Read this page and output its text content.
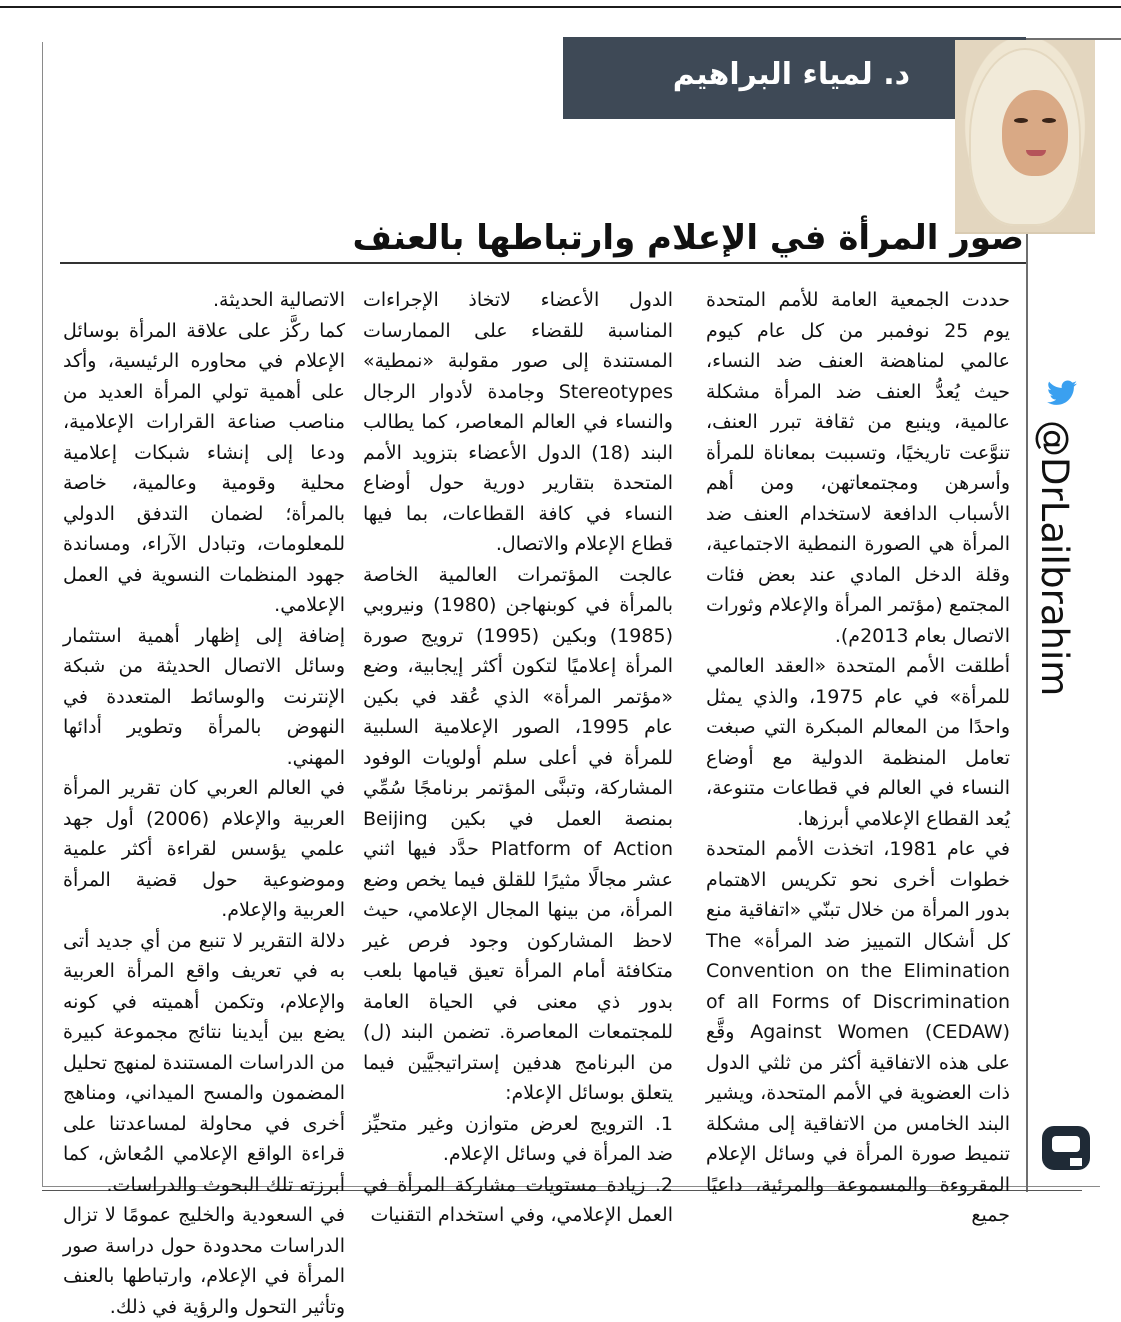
د. لمياء البراهيم
صور المرأة في الإعلام وارتباطها بالعنف
@DrLaiIbrahim

حددت الجمعية العامة للأمم المتحدة يوم 25 نوفمبر من كل عام كيوم عالمي لمناهضة العنف ضد النساء، حيث يُعدُّ العنف ضد المرأة مشكلة عالمية، وينبع من ثقافة تبرر العنف، تنوَّعت تاريخيًا، وتسببت بمعاناة للمرأة وأسرهن ومجتمعاتهن، ومن أهم الأسباب الدافعة لاستخدام العنف ضد المرأة هي الصورة النمطية الاجتماعية، وقلة الدخل المادي عند بعض فئات المجتمع (مؤتمر المرأة والإعلام وثورات الاتصال بعام 2013م).

أطلقت الأمم المتحدة «العقد العالمي للمرأة» في عام 1975، والذي يمثل واحدًا من المعالم المبكرة التي صبغت تعامل المنظمة الدولية مع أوضاع النساء في العالم في قطاعات متنوعة، يُعد القطاع الإعلامي أبرزها.

في عام 1981، اتخذت الأمم المتحدة خطوات أخرى نحو تكريس الاهتمام بدور المرأة من خلال تبنّي «اتفاقية منع كل أشكال التمييز ضد المرأة» The Convention on the Elimination of all Forms of Discrimination Against Women (CEDAW) وقَّع على هذه الاتفاقية أكثر من ثلثي الدول ذات العضوية في الأمم المتحدة، ويشير البند الخامس من الاتفاقية إلى مشكلة تنميط صورة المرأة في وسائل الإعلام المقروءة والمسموعة والمرئية، داعيًا جميع

الدول الأعضاء لاتخاذ الإجراءات المناسبة للقضاء على الممارسات المستندة إلى صور مقولبة «نمطية» Stereotypes وجامدة لأدوار الرجال والنساء في العالم المعاصر، كما يطالب البند (18) الدول الأعضاء بتزويد الأمم المتحدة بتقارير دورية حول أوضاع النساء في كافة القطاعات، بما فيها قطاع الإعلام والاتصال.

عالجت المؤتمرات العالمية الخاصة بالمرأة في كوبنهاجن (1980) ونيروبي (1985) وبكين (1995) ترويج صورة المرأة إعلاميًا لتكون أكثر إيجابية، وضع «مؤتمر المرأة» الذي عُقد في بكين عام 1995، الصور الإعلامية السلبية للمرأة في أعلى سلم أولويات الوفود المشاركة، وتبنَّى المؤتمر برنامجًا سُمِّي بمنصة العمل في بكين Beijing Platform of Action حدَّد فيها اثني عشر مجالًا مثيرًا للقلق فيما يخص وضع المرأة، من بينها المجال الإعلامي، حيث لاحظ المشاركون وجود فرص غير متكافئة أمام المرأة تعيق قيامها بلعب بدور ذي معنى في الحياة العامة للمجتمعات المعاصرة. تضمن البند (ل) من البرنامج هدفين إستراتيجيَّين فيما يتعلق بوسائل الإعلام:

1. الترويج لعرض متوازن وغير متحيِّز ضد المرأة في وسائل الإعلام.

2. زيادة مستويات مشاركة المرأة في العمل الإعلامي، وفي استخدام التقنيات

الاتصالية الحديثة.

كما ركَّز على علاقة المرأة بوسائل الإعلام في محاوره الرئيسية، وأكد على أهمية تولي المرأة العديد من مناصب صناعة القرارات الإعلامية، ودعا إلى إنشاء شبكات إعلامية محلية وقومية وعالمية، خاصة بالمرأة؛ لضمان التدفق الدولي للمعلومات، وتبادل الآراء، ومساندة جهود المنظمات النسوية في العمل الإعلامي.

إضافة إلى إظهار أهمية استثمار وسائل الاتصال الحديثة من شبكة الإنترنت والوسائط المتعددة في النهوض بالمرأة وتطوير أدائها المهني.

في العالم العربي كان تقرير المرأة العربية والإعلام (2006) أول جهد علمي يؤسس لقراءة أكثر علمية وموضوعية حول قضية المرأة العربية والإعلام.

دلالة التقرير لا تنبع من أي جديد أتى به في تعريف واقع المرأة العربية والإعلام، وتكمن أهميته في كونه يضع بين أيدينا نتائج مجموعة كبيرة من الدراسات المستندة لمنهج تحليل المضمون والمسح الميداني، ومناهج أخرى في محاولة لمساعدتنا على قراءة الواقع الإعلامي المُعاش، كما أبرزته تلك البحوث والدراسات.

في السعودية والخليج عمومًا لا تزال الدراسات محدودة حول دراسة صور المرأة في الإعلام، وارتباطها بالعنف وتأثير التحول والرؤية في ذلك.
